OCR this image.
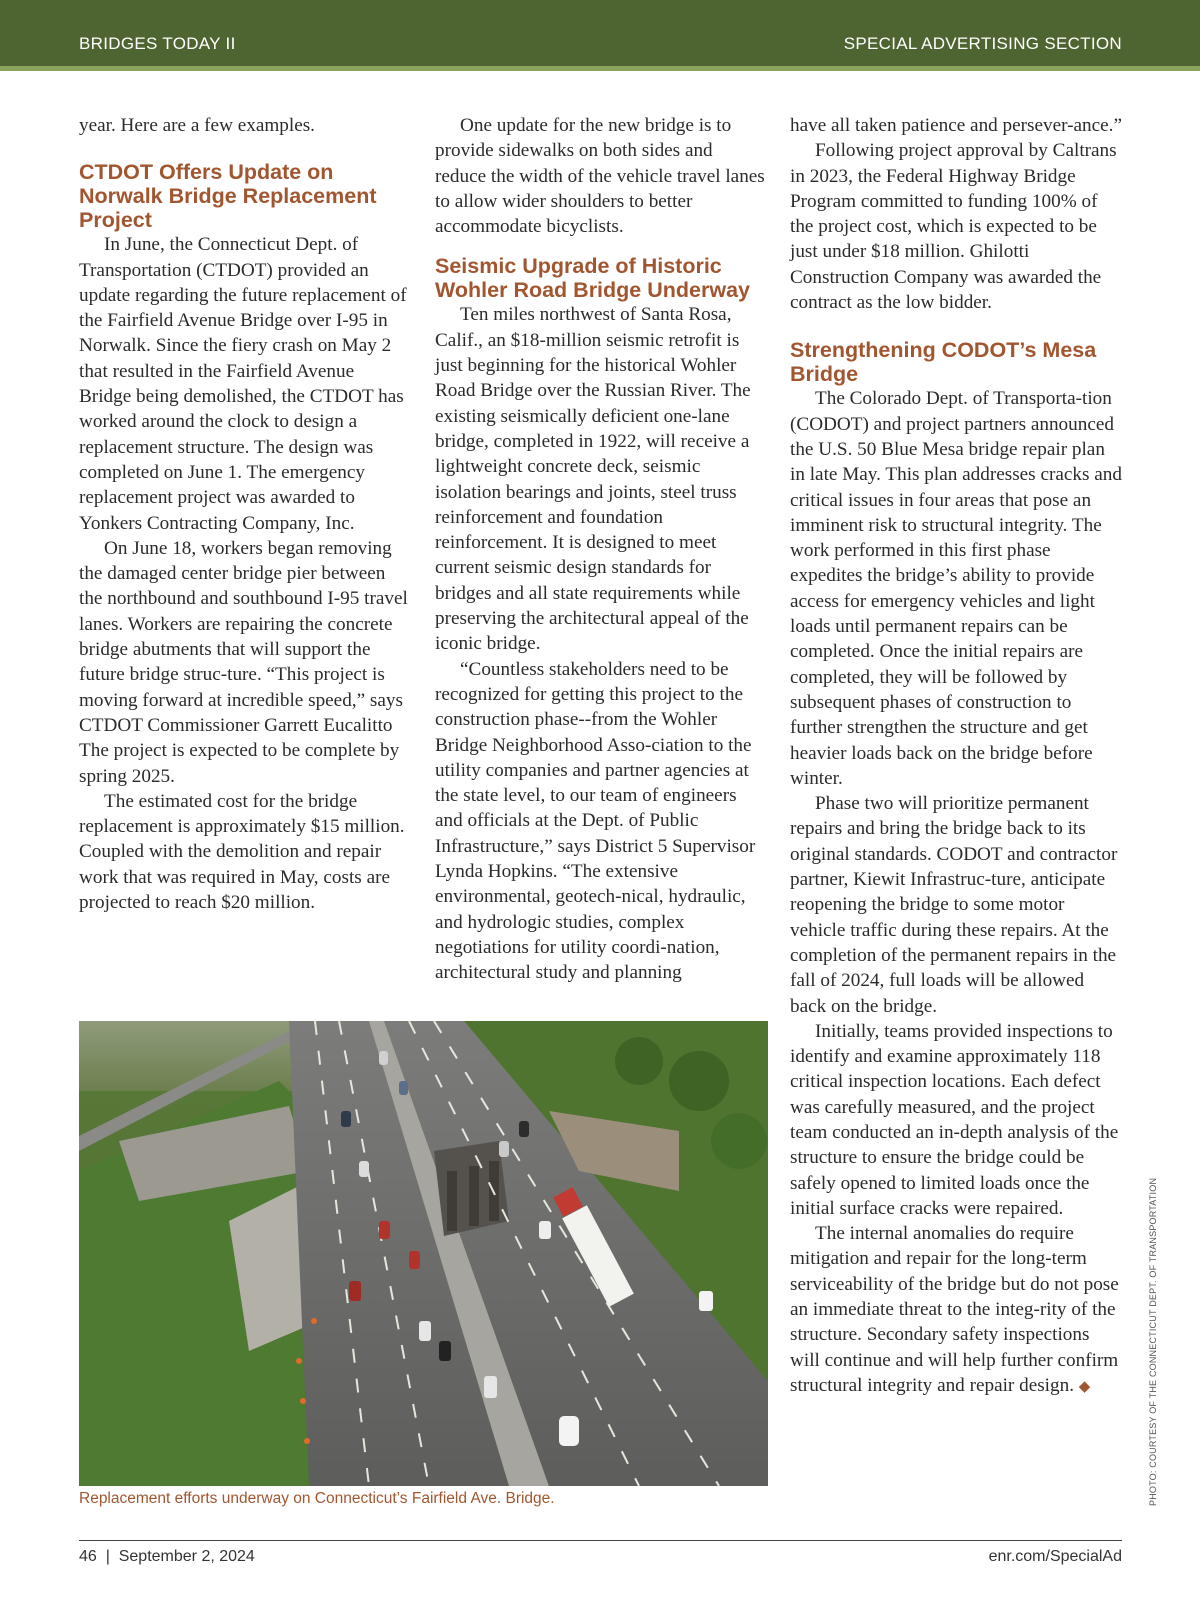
BRIDGES TODAY II	SPECIAL ADVERTISING SECTION

year. Here are a few examples.

CTDOT Offers Update on Norwalk Bridge Replacement Project

In June, the Connecticut Dept. of Transportation (CTDOT) provided an update regarding the future replacement of the Fairfield Avenue Bridge over I-95 in Norwalk. Since the fiery crash on May 2 that resulted in the Fairfield Avenue Bridge being demolished, the CTDOT has worked around the clock to design a replacement structure. The design was completed on June 1. The emergency replacement project was awarded to Yonkers Contracting Company, Inc.

On June 18, workers began removing the damaged center bridge pier between the northbound and southbound I-95 travel lanes. Workers are repairing the concrete bridge abutments that will support the future bridge struc-ture. “This project is moving forward at incredible speed,” says CTDOT Commissioner Garrett Eucalitto The project is expected to be complete by spring 2025.

The estimated cost for the bridge replacement is approximately $15 million. Coupled with the demolition and repair work that was required in May, costs are projected to reach $20 million.

One update for the new bridge is to provide sidewalks on both sides and reduce the width of the vehicle travel lanes to allow wider shoulders to better accommodate bicyclists.

Seismic Upgrade of Historic Wohler Road Bridge Underway

Ten miles northwest of Santa Rosa, Calif., an $18-million seismic retrofit is just beginning for the historical Wohler Road Bridge over the Russian River. The existing seismically deficient one-lane bridge, completed in 1922, will receive a lightweight concrete deck, seismic isolation bearings and joints, steel truss reinforcement and foundation reinforcement. It is designed to meet current seismic design standards for bridges and all state requirements while preserving the architectural appeal of the iconic bridge.

“Countless stakeholders need to be recognized for getting this project to the construction phase--from the Wohler Bridge Neighborhood Asso-ciation to the utility companies and partner agencies at the state level, to our team of engineers and officials at the Dept. of Public Infrastructure,” says District 5 Supervisor Lynda Hopkins. “The extensive environmental, geotech-nical, hydraulic, and hydrologic studies, complex negotiations for utility coordi-nation, architectural study and planning

have all taken patience and persever-ance.”

Following project approval by Caltrans in 2023, the Federal Highway Bridge Program committed to funding 100% of the project cost, which is expected to be just under $18 million. Ghilotti Construction Company was awarded the contract as the low bidder.

Strengthening CODOT’s Mesa Bridge

The Colorado Dept. of Transporta-tion (CODOT) and project partners announced the U.S. 50 Blue Mesa bridge repair plan in late May. This plan addresses cracks and critical issues in four areas that pose an imminent risk to structural integrity. The work performed in this first phase expedites the bridge’s ability to provide access for emergency vehicles and light loads until permanent repairs can be completed. Once the initial repairs are completed, they will be followed by subsequent phases of construction to further strengthen the structure and get heavier loads back on the bridge before winter.

Phase two will prioritize permanent repairs and bring the bridge back to its original standards. CODOT and contractor partner, Kiewit Infrastruc-ture, anticipate reopening the bridge to some motor vehicle traffic during these repairs. At the completion of the permanent repairs in the fall of 2024, full loads will be allowed back on the bridge.

Initially, teams provided inspections to identify and examine approximately 118 critical inspection locations. Each defect was carefully measured, and the project team conducted an in-depth analysis of the structure to ensure the bridge could be safely opened to limited loads once the initial surface cracks were repaired.

The internal anomalies do require mitigation and repair for the long-term serviceability of the bridge but do not pose an immediate threat to the integ-rity of the structure. Secondary safety inspections will continue and will help further confirm structural integrity and repair design. ◆

Replacement efforts underway on Connecticut’s Fairfield Ave. Bridge.	PHOTO: COURTESY OF THE CONNECTICUT DEPT. OF TRANSPORTATION
46 | September 2, 2024	enr.com/SpecialAd
